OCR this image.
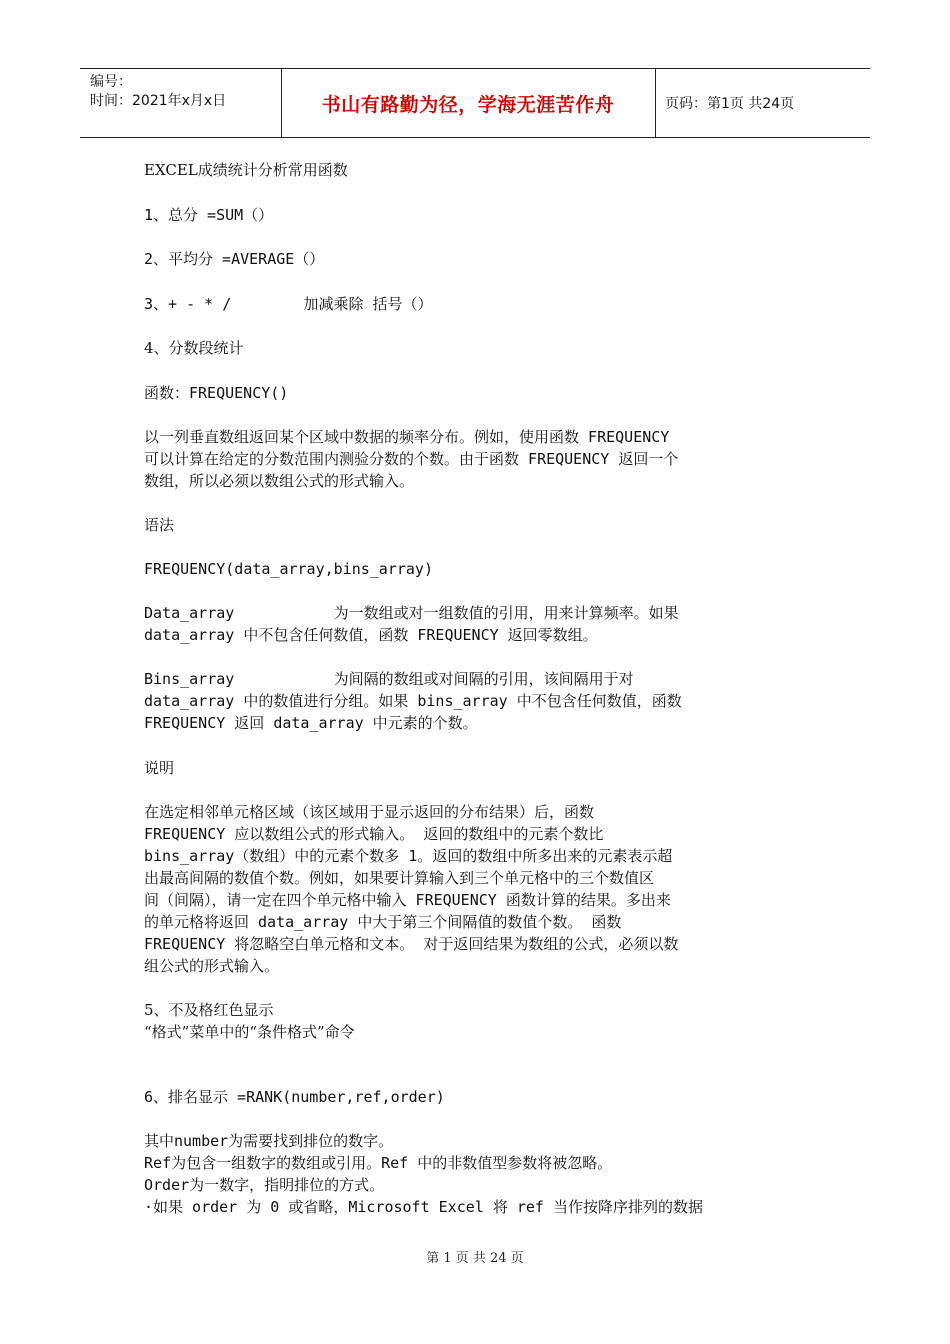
编号：
时间：2021年x月x日	书山有路勤为径，学海无涯苦作舟	页码：第1页 共24页

EXCEL成绩统计分析常用函数

1、总分 =SUM（）

2、平均分 =AVERAGE（）

3、+ - * /        加减乘除 括号（）

4、分数段统计

函数：FREQUENCY()

以一列垂直数组返回某个区域中数据的频率分布。例如，使用函数 FREQUENCY

可以计算在给定的分数范围内测验分数的个数。由于函数 FREQUENCY 返回一个

数组，所以必须以数组公式的形式输入。

语法

FREQUENCY(data_array,bins_array)

Data_array           为一数组或对一组数值的引用，用来计算频率。如果

data_array 中不包含任何数值，函数 FREQUENCY 返回零数组。

Bins_array           为间隔的数组或对间隔的引用，该间隔用于对

data_array 中的数值进行分组。如果 bins_array 中不包含任何数值，函数

FREQUENCY 返回 data_array 中元素的个数。

说明

在选定相邻单元格区域（该区域用于显示返回的分布结果）后，函数

FREQUENCY 应以数组公式的形式输入。 返回的数组中的元素个数比

bins_array（数组）中的元素个数多 1。返回的数组中所多出来的元素表示超

出最高间隔的数值个数。例如，如果要计算输入到三个单元格中的三个数值区

间（间隔），请一定在四个单元格中输入 FREQUENCY 函数计算的结果。多出来

的单元格将返回 data_array 中大于第三个间隔值的数值个数。 函数

FREQUENCY 将忽略空白单元格和文本。 对于返回结果为数组的公式，必须以数

组公式的形式输入。

5、不及格红色显示

“格式”菜单中的“条件格式”命令

6、排名显示 =RANK(number,ref,order)

其中number为需要找到排位的数字。

Ref为包含一组数字的数组或引用。Ref 中的非数值型参数将被忽略。

Order为一数字，指明排位的方式。

·如果 order 为 0 或省略，Microsoft Excel 将 ref 当作按降序排列的数据

第 1 页 共 24 页
